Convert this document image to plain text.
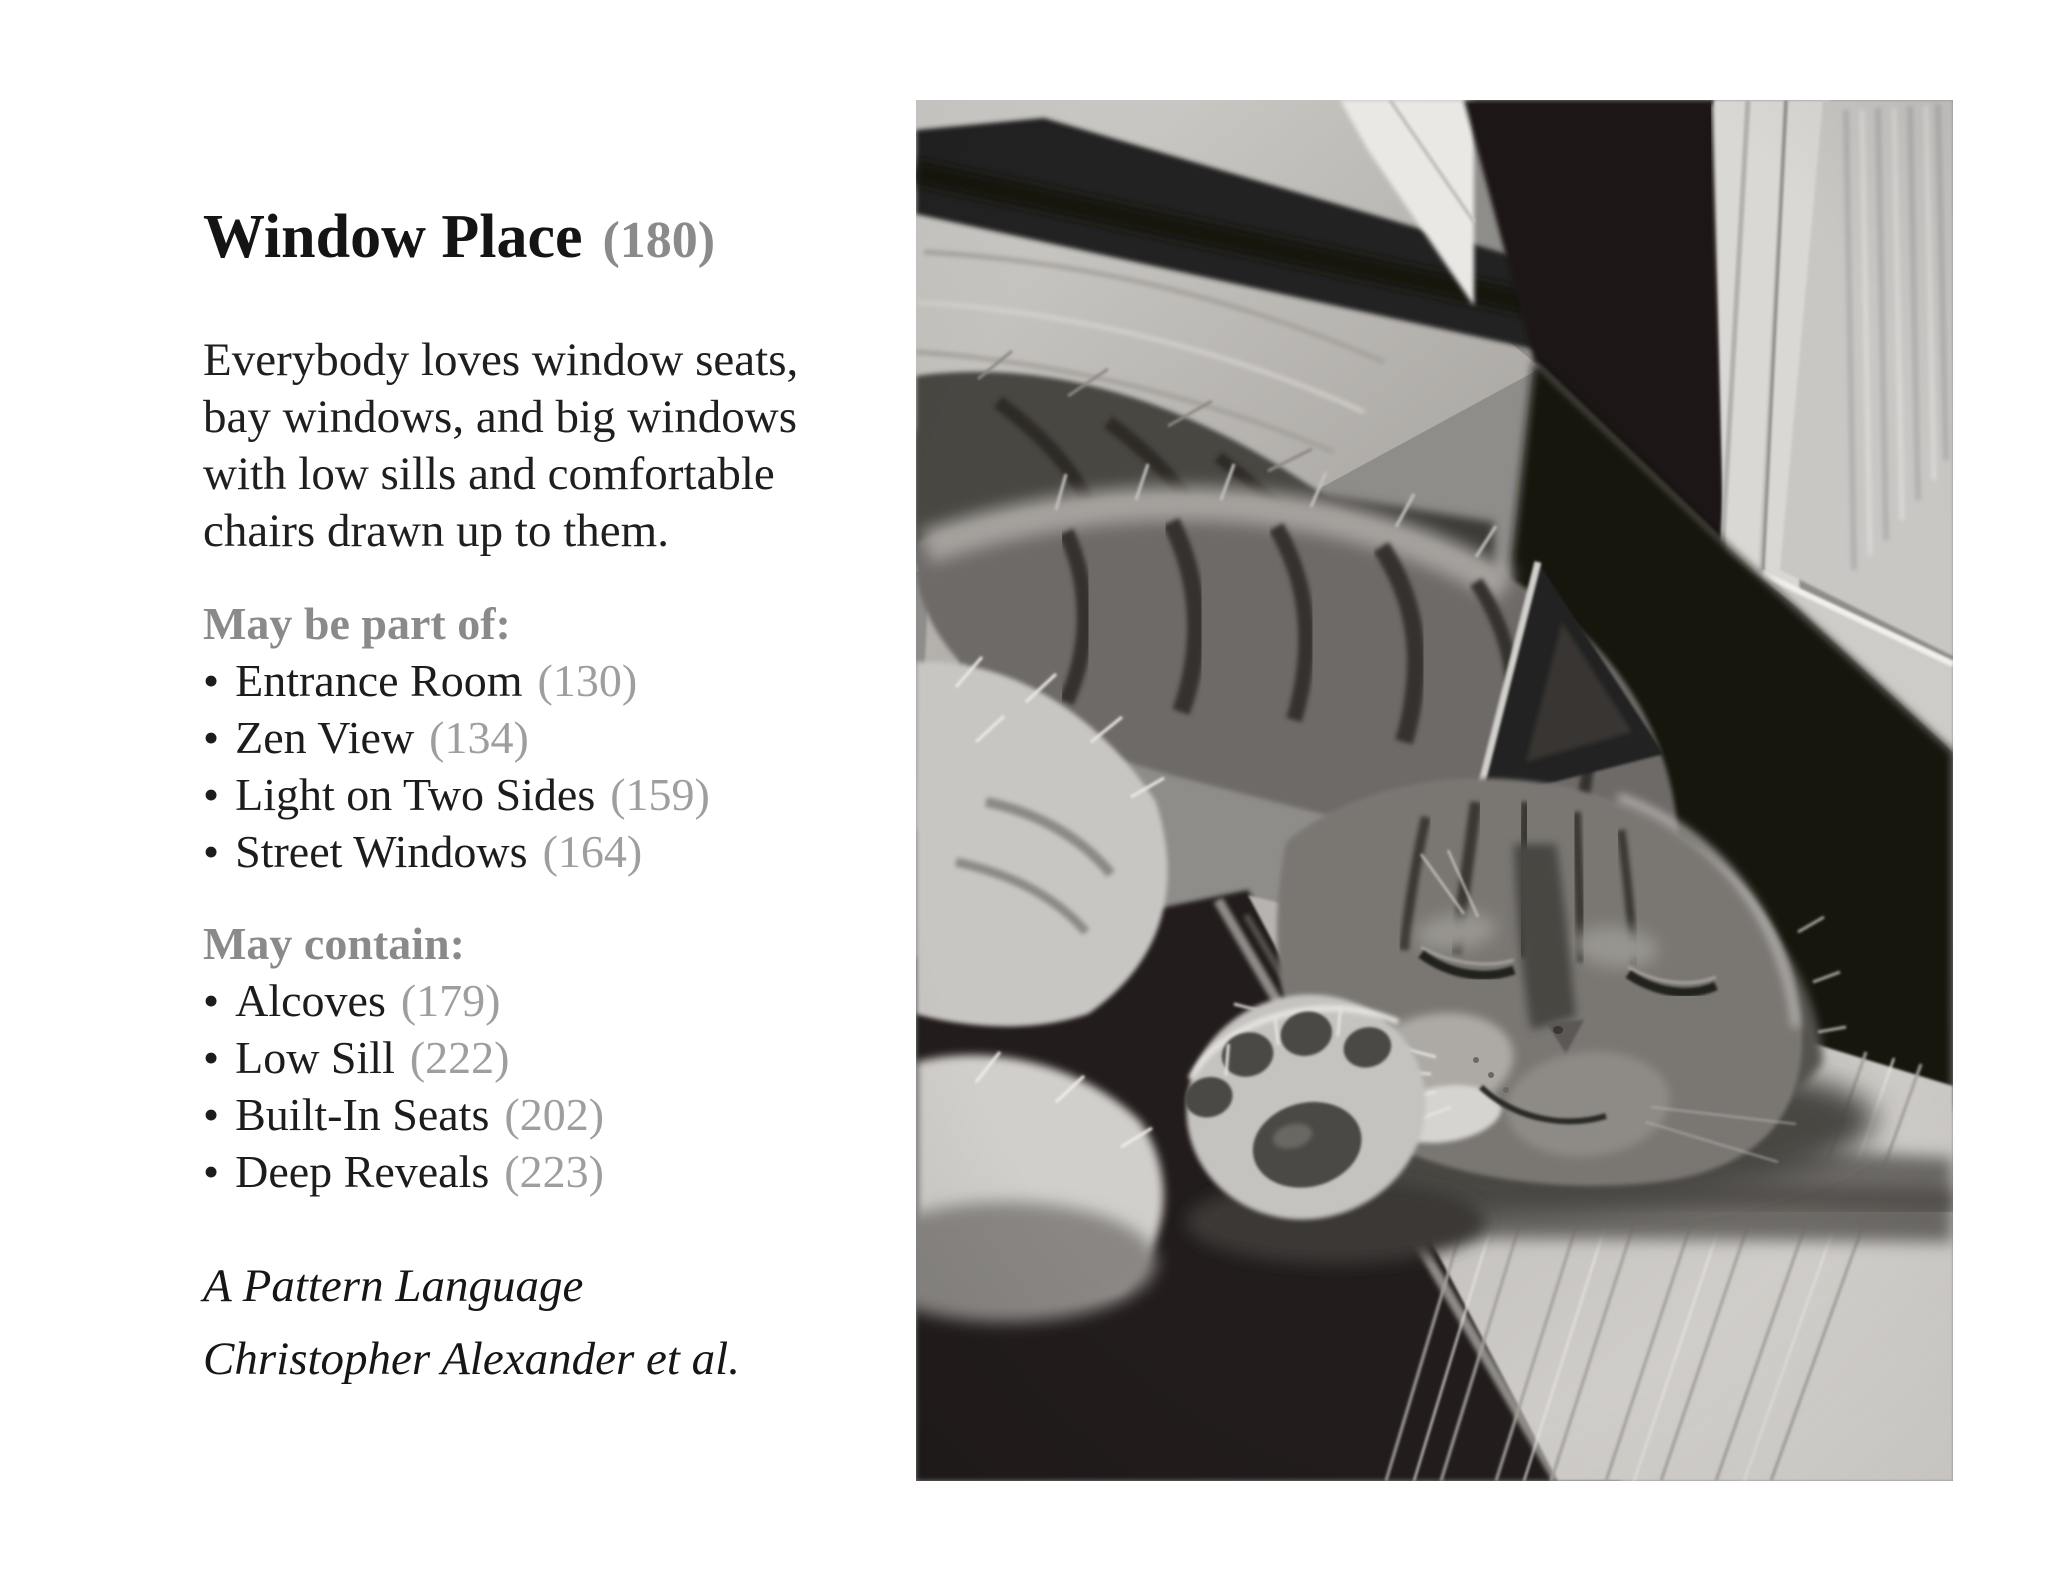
Window Place (180)
Everybody loves window seats,
bay windows, and big windows
with low sills and comfortable
chairs drawn up to them.
May be part of:
• Entrance Room (130)
• Zen View (134)
• Light on Two Sides (159)
• Street Windows (164)
May contain:
• Alcoves (179)
• Low Sill (222)
• Built-In Seats (202)
• Deep Reveals (223)
A Pattern Language
Christopher Alexander et al.
